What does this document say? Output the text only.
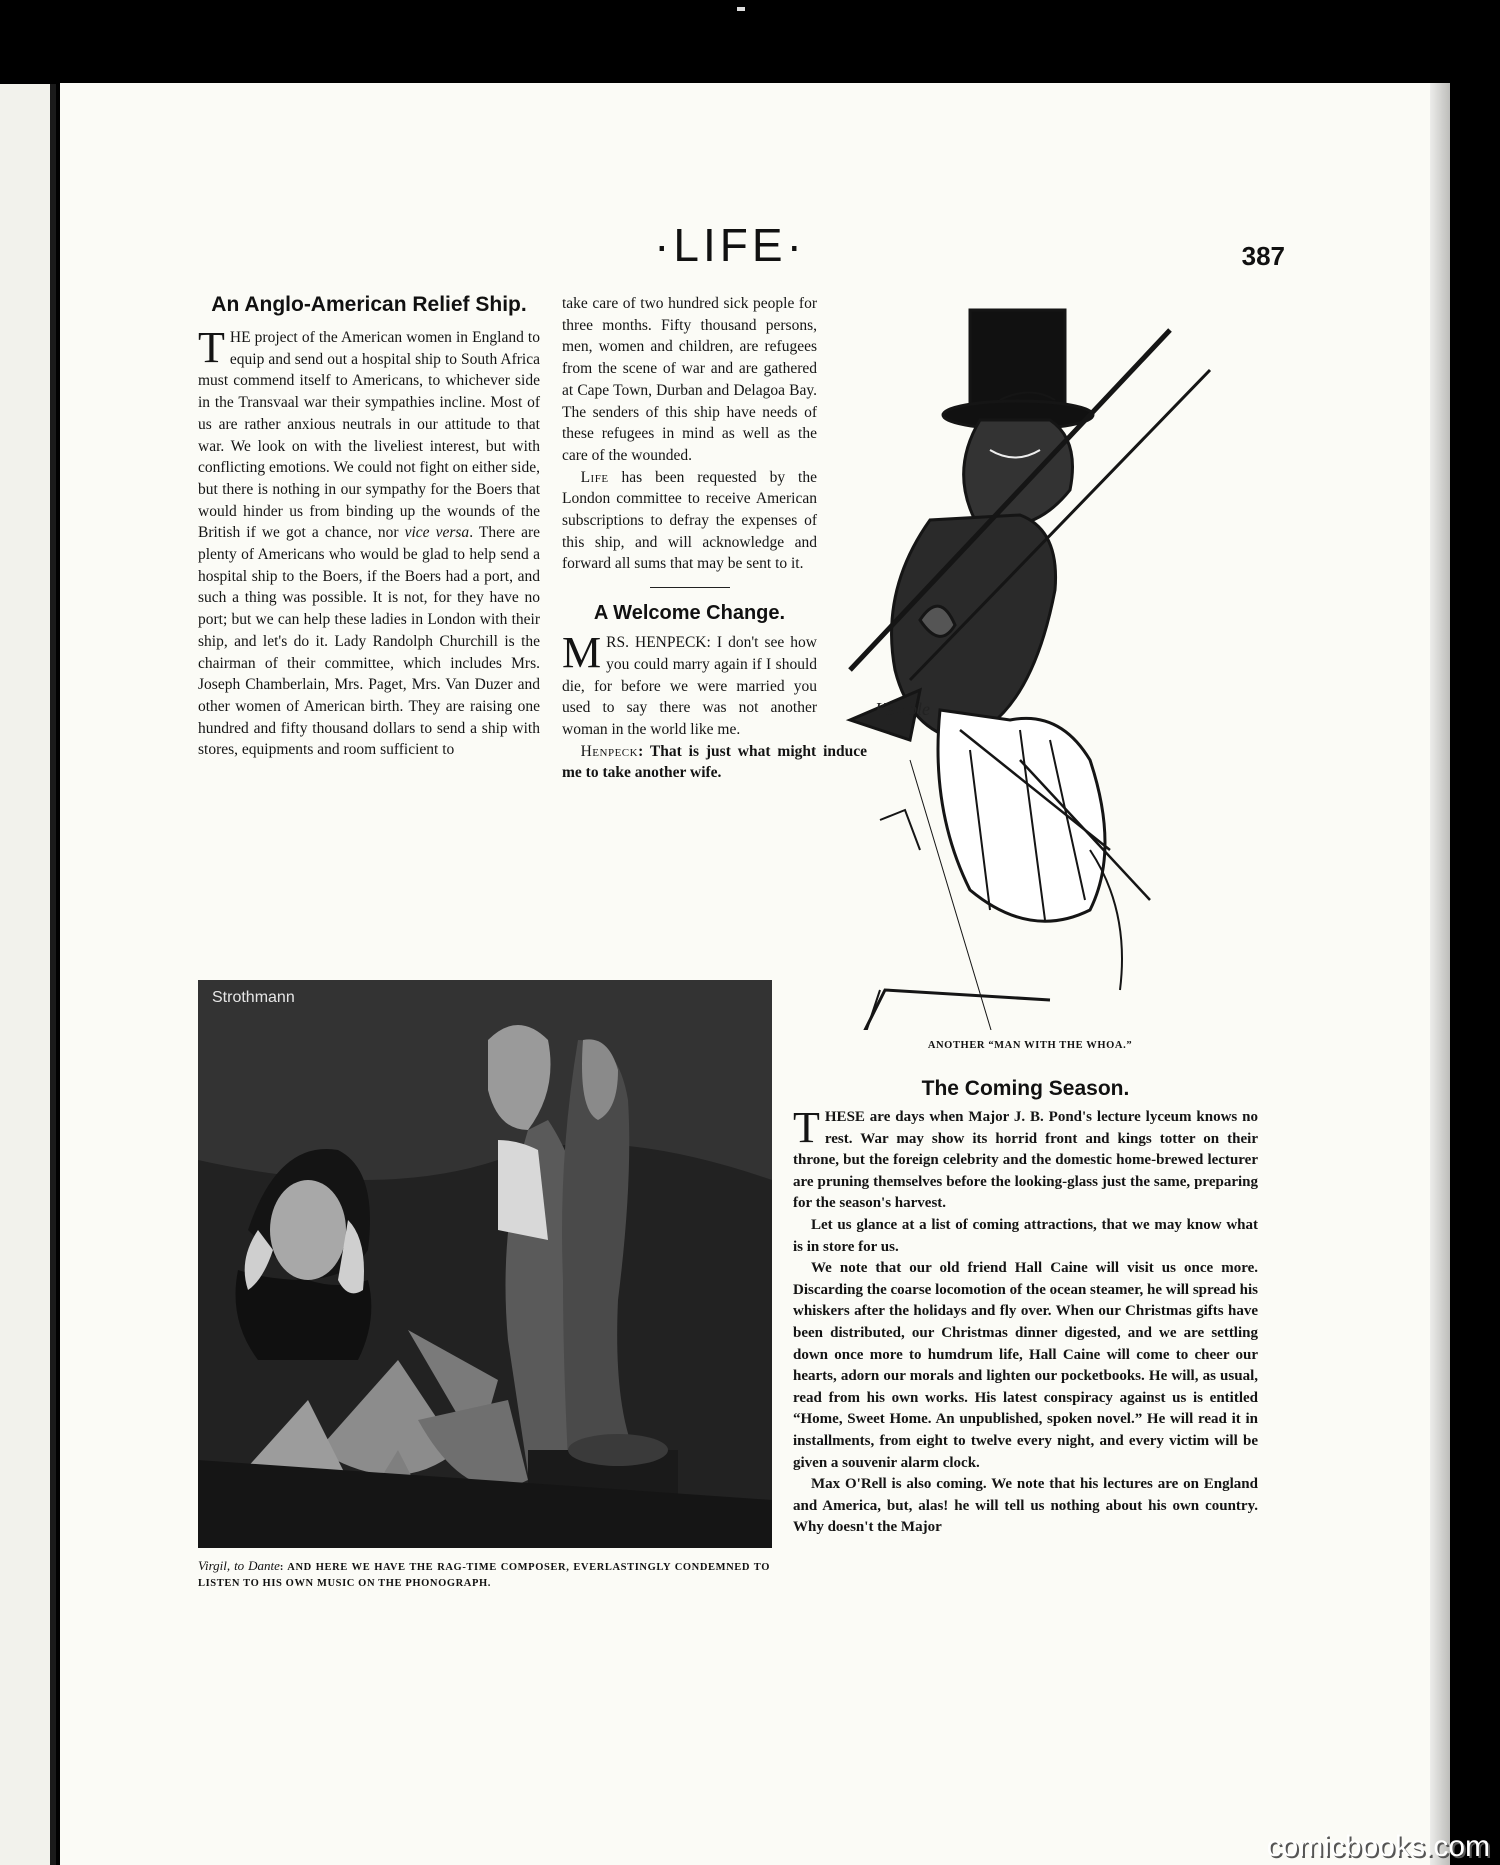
·LIFE·	387
An Anglo-American Relief Ship.

THE project of the American women in England to equip and send out a hospital ship to South Africa must commend itself to Americans, to whichever side in the Transvaal war their sympathies incline. Most of us are rather anxious neutrals in our attitude to that war. We look on with the liveliest interest, but with conflicting emotions. We could not fight on either side, but there is nothing in our sympathy for the Boers that would hinder us from binding up the wounds of the British if we got a chance, nor vice versa. There are plenty of Americans who would be glad to help send a hospital ship to the Boers, if the Boers had a port, and such a thing was possible. It is not, for they have no port; but we can help these ladies in London with their ship, and let's do it. Lady Randolph Churchill is the chairman of their committee, which includes Mrs. Joseph Chamberlain, Mrs. Paget, Mrs. Van Duzer and other women of American birth. They are raising one hundred and fifty thousand dollars to send a ship with stores, equipments and room sufficient to

take care of two hundred sick people for three months. Fifty thousand persons, men, women and children, are refugees from the scene of war and are gathered at Cape Town, Durban and Delagoa Bay. The senders of this ship have needs of these refugees in mind as well as the care of the wounded.

Life has been requested by the London committee to receive American subscriptions to defray the expenses of this ship, and will acknowledge and forward all sums that may be sent to it.

A Welcome Change.

MRS. HENPECK: I don't see how you could marry again if I should die, for before we were married you used to say there was not another woman in the world like me.

Henpeck: That is just what might induce me to take another wife.

Kemble
ANOTHER “MAN WITH THE WHOA.”
Strothmann
Virgil, to Dante: AND HERE WE HAVE THE RAG-TIME COMPOSER, EVERLASTINGLY CONDEMNED TO LISTEN TO HIS OWN MUSIC ON THE PHONOGRAPH.
The Coming Season.

THESE are days when Major J. B. Pond's lecture lyceum knows no rest. War may show its horrid front and kings totter on their throne, but the foreign celebrity and the domestic home-brewed lecturer are pruning themselves before the looking-glass just the same, preparing for the season's harvest.

Let us glance at a list of coming attractions, that we may know what is in store for us.

We note that our old friend Hall Caine will visit us once more. Discarding the coarse locomotion of the ocean steamer, he will spread his whiskers after the holidays and fly over. When our Christmas gifts have been distributed, our Christmas dinner digested, and we are settling down once more to humdrum life, Hall Caine will come to cheer our hearts, adorn our morals and lighten our pocketbooks. He will, as usual, read from his own works. His latest conspiracy against us is entitled “Home, Sweet Home. An unpublished, spoken novel.” He will read it in installments, from eight to twelve every night, and every victim will be given a souvenir alarm clock.

Max O'Rell is also coming. We note that his lectures are on England and America, but, alas! he will tell us nothing about his own country. Why doesn't the Major

comicbooks.com
